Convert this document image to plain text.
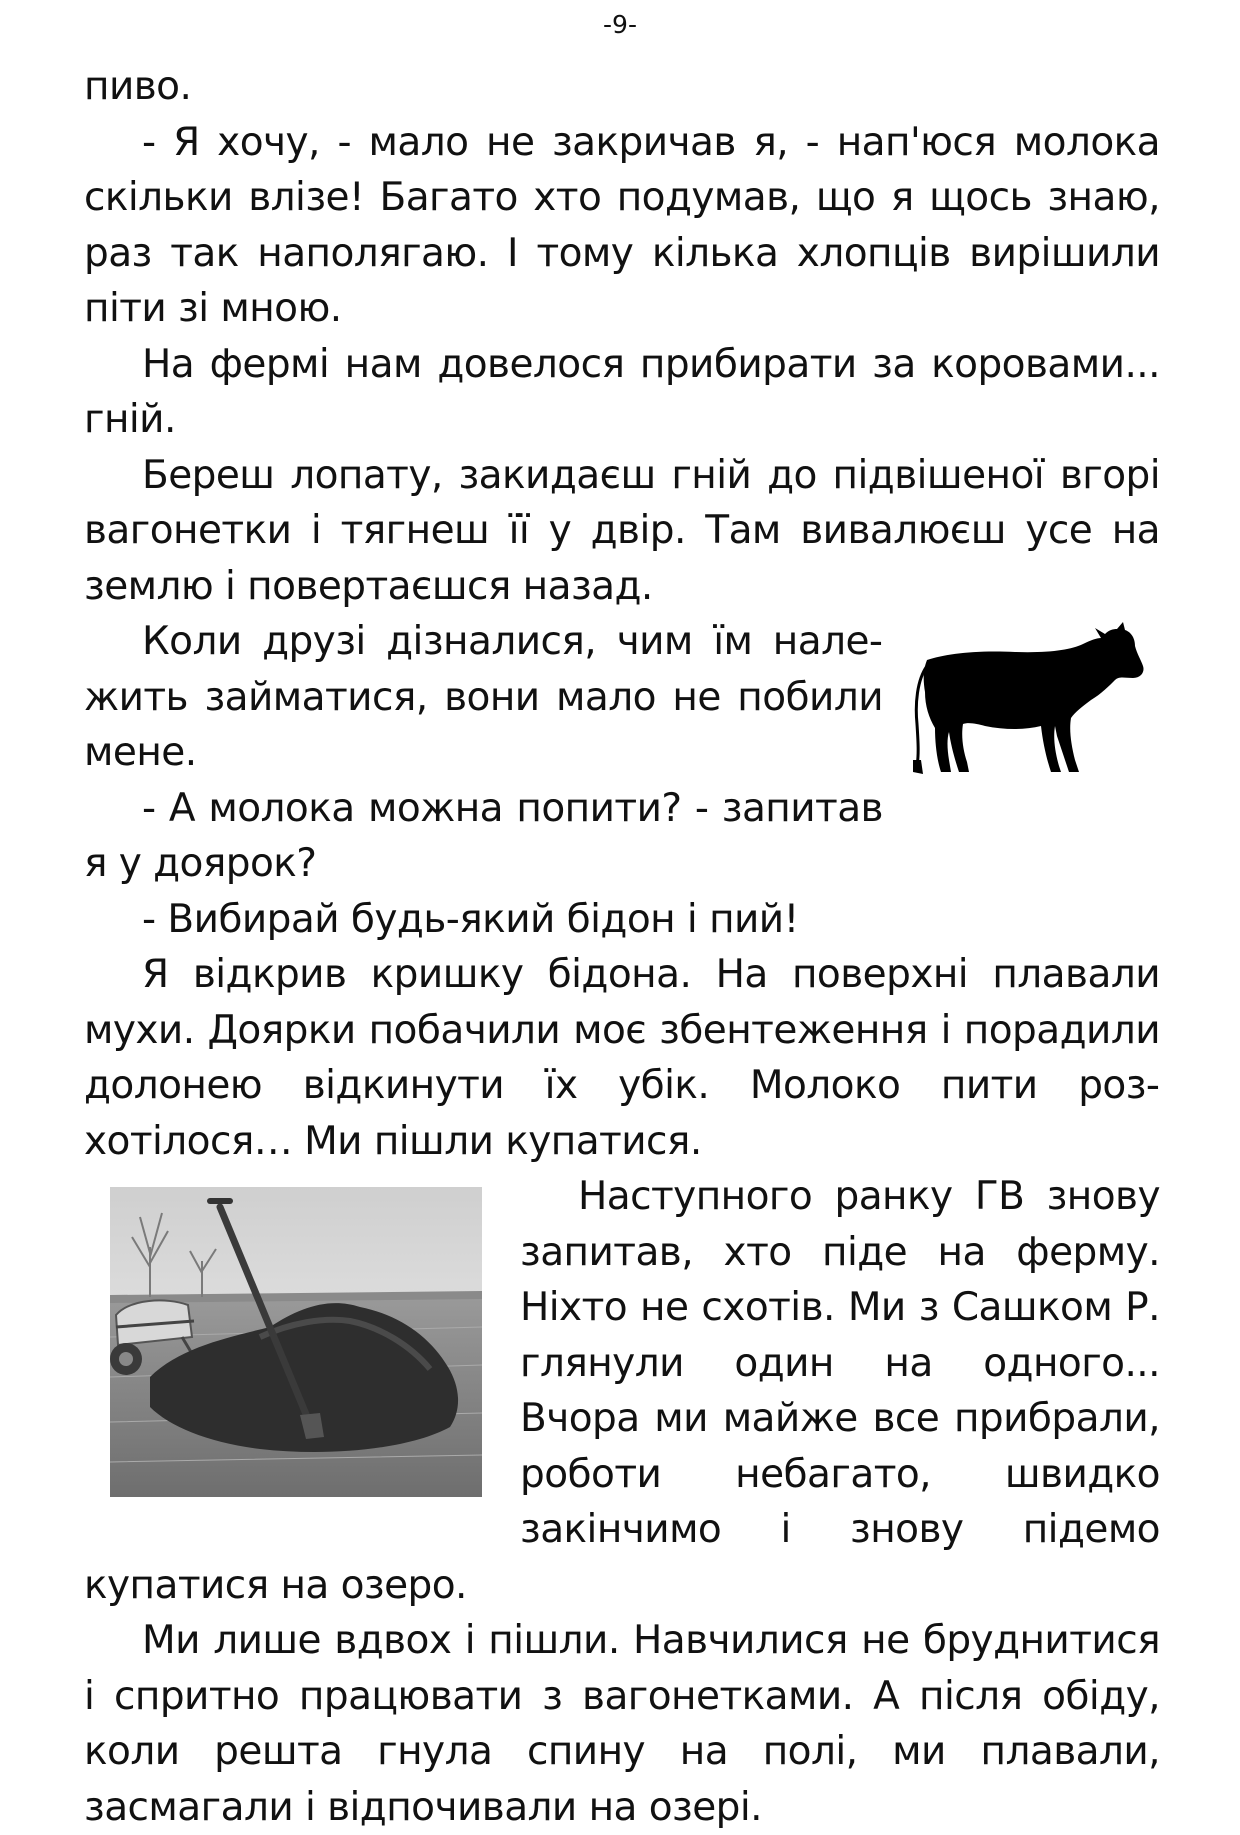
-9-

пиво.

- Я хочу, - мало не закричав я, - нап'юся молока скільки влізе! Багато хто подумав, що я щось знаю, раз так наполягаю. І тому кілька хлопців вирішили піти зі мною.

На фермі нам довелося прибирати за коровами... гній.

Береш лопату, закидаєш гній до підвішеної вгорі вагонетки і тягнеш її у двір. Там вивалюєш усе на землю і повертаєшся назад.

Коли друзі дізналися, чим їм належить займатися, вони мало не побили мене.

- А молока можна попити? - запитав я у доярок?

- Вибирай будь-який бідон і пий!

Я відкрив кришку бідона. На поверхні плавали мухи. Доярки побачили моє збентеження і порадили долонею відкинути їх убік. Молоко пити розхотілося… Ми пішли купатися.

Наступного ранку ГВ знову запитав, хто піде на ферму. Ніхто не схотів. Ми з Сашком Р. глянули один на одного... Вчора ми майже все прибрали, роботи небагато, швидко закінчимо і знову підемо купатися на озеро.

Ми лише вдвох і пішли. Навчилися не бруднитися і спритно працювати з вагонетками. А після обіду, коли решта гнула спину на полі, ми плавали, засмагали і відпочивали на озері.
